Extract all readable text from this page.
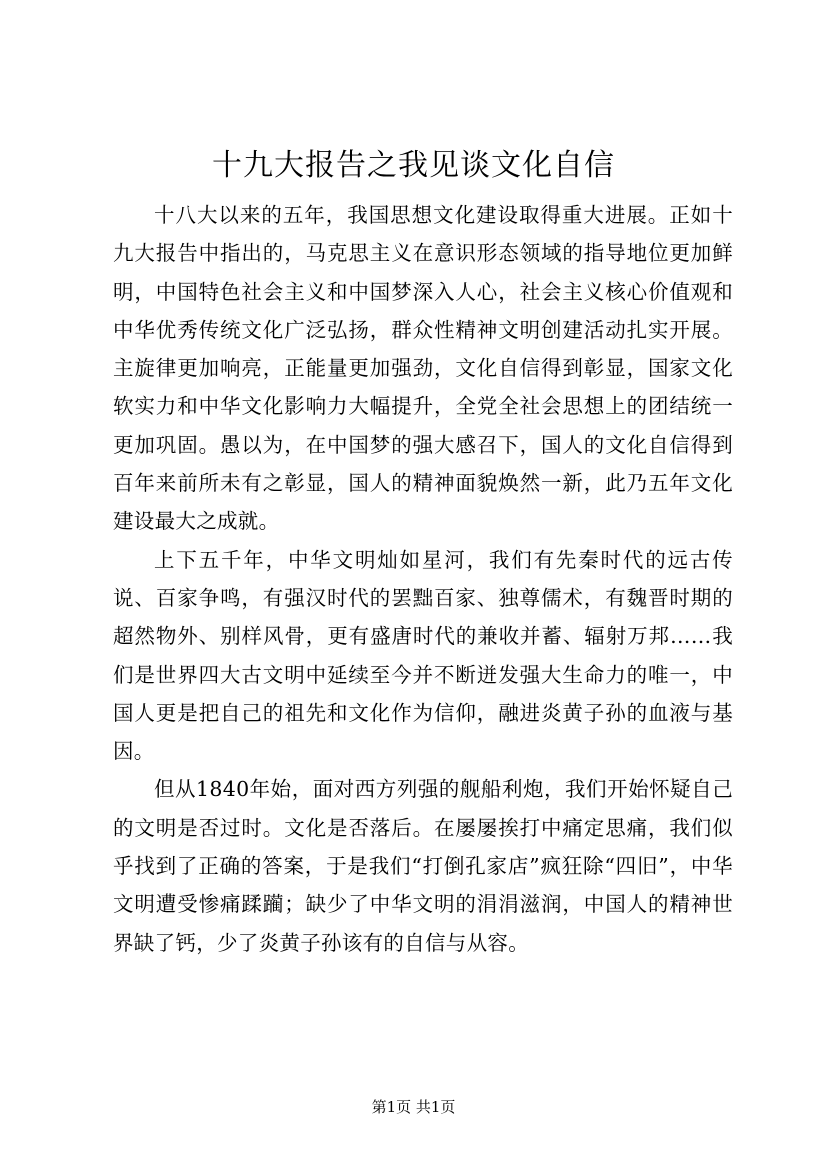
十九大报告之我见谈文化自信

十八大以来的五年，我国思想文化建设取得重大进展。正如十九大报告中指出的，马克思主义在意识形态领域的指导地位更加鲜明，中国特色社会主义和中国梦深入人心，社会主义核心价值观和中华优秀传统文化广泛弘扬，群众性精神文明创建活动扎实开展。主旋律更加响亮，正能量更加强劲，文化自信得到彰显，国家文化软实力和中华文化影响力大幅提升，全党全社会思想上的团结统一更加巩固。愚以为，在中国梦的强大感召下，国人的文化自信得到百年来前所未有之彰显，国人的精神面貌焕然一新，此乃五年文化建设最大之成就。

上下五千年，中华文明灿如星河，我们有先秦时代的远古传说、百家争鸣，有强汉时代的罢黜百家、独尊儒术，有魏晋时期的超然物外、别样风骨，更有盛唐时代的兼收并蓄、辐射万邦……我们是世界四大古文明中延续至今并不断迸发强大生命力的唯一，中国人更是把自己的祖先和文化作为信仰，融进炎黄子孙的血液与基因。

但从1840年始，面对西方列强的舰船利炮，我们开始怀疑自己的文明是否过时。文化是否落后。在屡屡挨打中痛定思痛，我们似乎找到了正确的答案，于是我们“打倒孔家店”疯狂除“四旧”，中华文明遭受惨痛蹂躏；缺少了中华文明的涓涓滋润，中国人的精神世界缺了钙，少了炎黄子孙该有的自信与从容。

第1页 共1页
